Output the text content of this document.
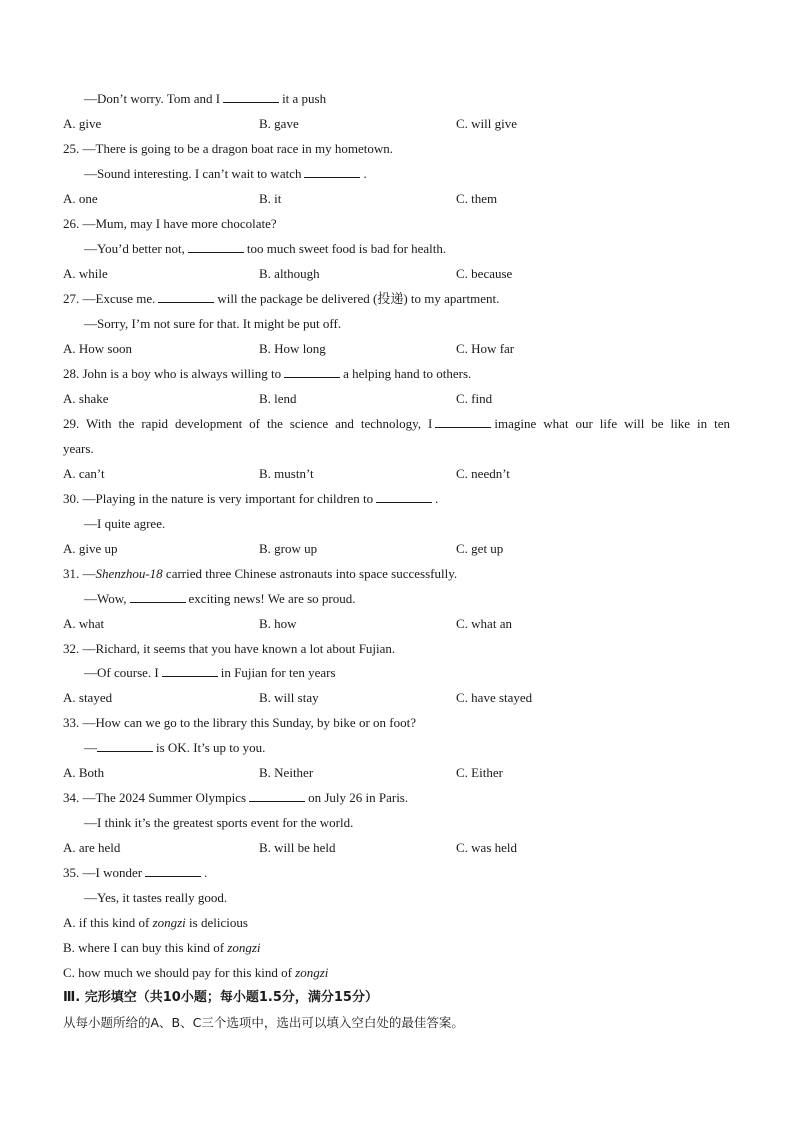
—Don’t worry. Tom and I	it a push
A. give	B. gave	C. will give
25. —There is going to be a dragon boat race in my hometown.
—Sound interesting. I can’t wait to watch	.
A. one	B. it	C. them
26. —Mum, may I have more chocolate?
—You’d better not,	too much sweet food is bad for health.
A. while	B. although	C. because
27. —Excuse me.	will the package be delivered (投递) to my apartment.
—Sorry, I’m not sure for that. It might be put off.
A. How soon	B. How long	C. How far
28. John is a boy who is always willing to	a helping hand to others.
A. shake	B. lend	C. find
29. With the rapid development of the science and technology, I	imagine what our life will be like in ten
years.
A. can’t	B. mustn’t	C. needn’t
30. —Playing in the nature is very important for children to	.
—I quite agree.
A. give up	B. grow up	C. get up
31. —Shenzhou-18 carried three Chinese astronauts into space successfully.
—Wow,	exciting news! We are so proud.
A. what	B. how	C. what an
32. —Richard, it seems that you have known a lot about Fujian.
—Of course. I	in Fujian for ten years
A. stayed	B. will stay	C. have stayed
33. —How can we go to the library this Sunday, by bike or on foot?
—	is OK. It’s up to you.
A. Both	B. Neither	C. Either
34. —The 2024 Summer Olympics	on July 26 in Paris.
—I think it’s the greatest sports event for the world.
A. are held	B. will be held	C. was held
35. —I wonder	.
—Yes, it tastes really good.
A. if this kind of zongzi is delicious
B. where I can buy this kind of zongzi
C. how much we should pay for this kind of zongzi
Ⅲ. 完形填空（共10小题；每小题1.5分，满分15分）
从每小题所给的A、B、C三个选项中，选出可以填入空白处的最佳答案。
